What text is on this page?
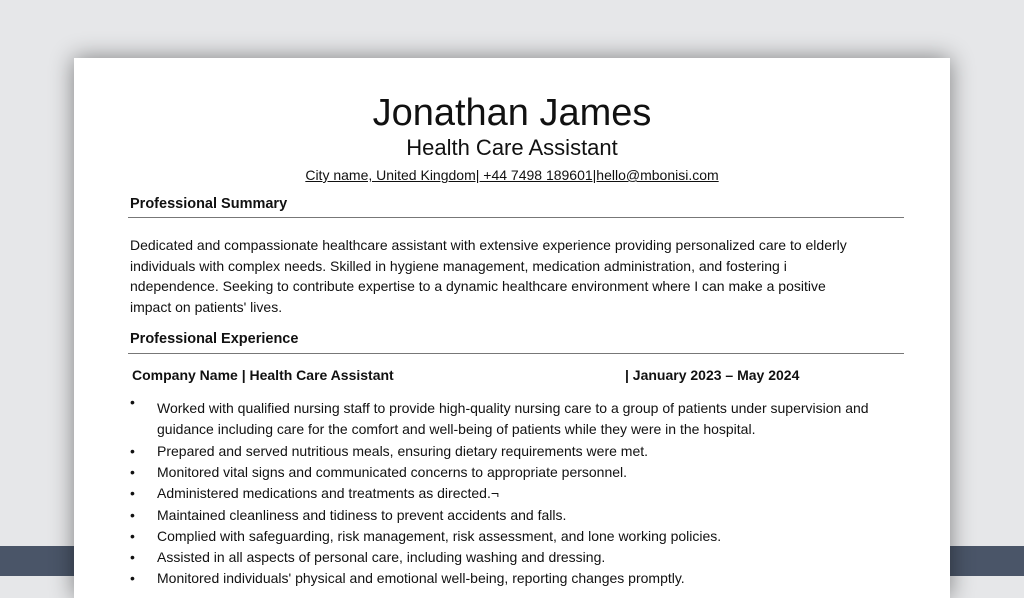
Jonathan James
Health Care Assistant
City name, United Kingdom| +44 7498 189601|hello@mbonisi.com
Professional Summary
Dedicated and compassionate healthcare assistant with extensive experience providing personalized care to elderly
individuals with complex needs. Skilled in hygiene management, medication administration, and fostering i
ndependence. Seeking to contribute expertise to a dynamic healthcare environment where I can make a positive
impact on patients' lives.
Professional Experience
Company Name | Health Care Assistant	| January 2023 – May 2024
• Worked with qualified nursing staff to provide high-quality nursing care to a group of patients under supervision and guidance including care for the comfort and well-being of patients while they were in the hospital.
• Prepared and served nutritious meals, ensuring dietary requirements were met.
• Monitored vital signs and communicated concerns to appropriate personnel.
• Administered medications and treatments as directed.¬
• Maintained cleanliness and tidiness to prevent accidents and falls.
• Complied with safeguarding, risk management, risk assessment, and lone working policies.
• Assisted in all aspects of personal care, including washing and dressing.
• Monitored individuals' physical and emotional well-being, reporting changes promptly.
